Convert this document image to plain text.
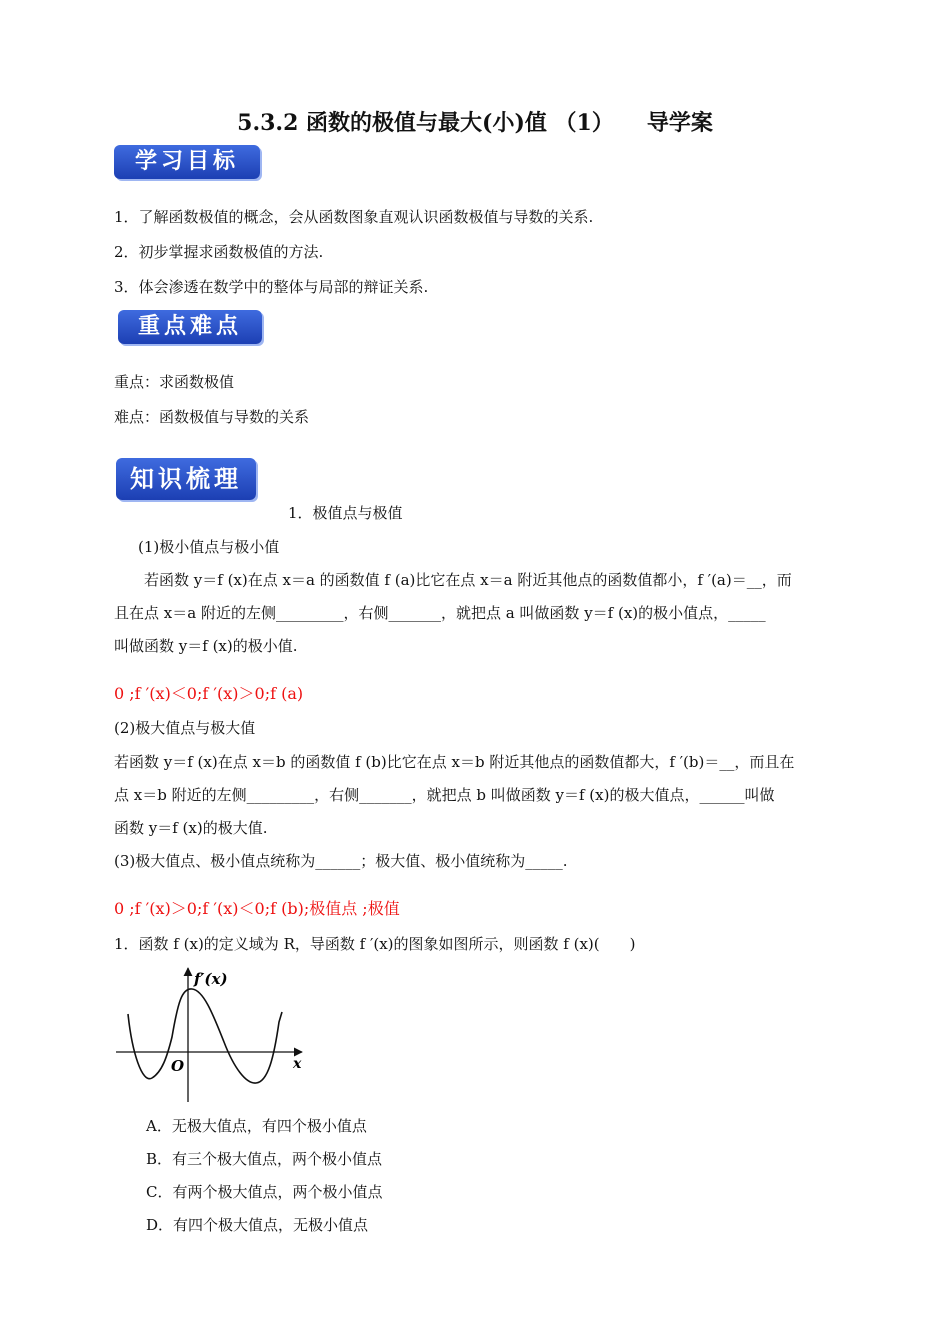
5.3.2 函数的极值与最大(小)值 （1）　　导学案
学习目标
1．了解函数极值的概念，会从函数图象直观认识函数极值与导数的关系.
2．初步掌握求函数极值的方法.
3．体会渗透在数学中的整体与局部的辩证关系.
重点难点
重点：求函数极值
难点：函数极值与导数的关系
知识梳理
1．极值点与极值
(1)极小值点与极小值
　　若函数 y＝f (x)在点 x＝a 的函数值 f (a)比它在点 x＝a 附近其他点的函数值都小，f ′(a)＝__，而
且在点 x＝a 附近的左侧_________，右侧_______，就把点 a 叫做函数 y＝f (x)的极小值点，_____
叫做函数 y＝f (x)的极小值.
0 ;f ′(x)＜0;f ′(x)＞0;f (a)
(2)极大值点与极大值
若函数 y＝f (x)在点 x＝b 的函数值 f (b)比它在点 x＝b 附近其他点的函数值都大，f ′(b)＝__，而且在
点 x＝b 附近的左侧_________，右侧_______，就把点 b 叫做函数 y＝f (x)的极大值点，______叫做
函数 y＝f (x)的极大值.
(3)极大值点、极小值点统称为______；极大值、极小值统称为_____.
0 ;f ′(x)＞0;f ′(x)＜0;f (b);极值点 ;极值
1．函数 f (x)的定义域为 R，导函数 f ′(x)的图象如图所示，则函数 f (x)(　　)
f′(x)
x
O
A．无极大值点，有四个极小值点
B．有三个极大值点，两个极小值点
C．有两个极大值点，两个极小值点
D．有四个极大值点，无极小值点
